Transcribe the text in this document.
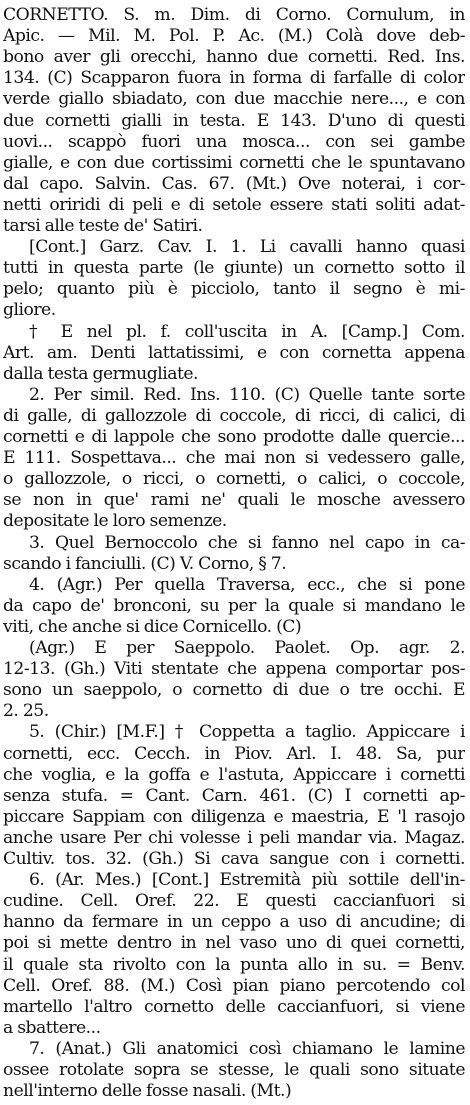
CORNETTO. S. m. Dim. di Corno. Cornulum, in
Apic. — Mil. M. Pol. P. Ac. (M.) Colà dove deb-
bono aver gli orecchi, hanno due cornetti. Red. Ins.
134. (C) Scapparon fuora in forma di farfalle di color
verde giallo sbiadato, con due macchie nere..., e con
due cornetti gialli in testa. E 143. D'uno di questi
uovi... scappò fuori una mosca... con sei gambe
gialle, e con due cortissimi cornetti che le spuntavano
dal capo. Salvin. Cas. 67. (Mt.) Ove noterai, i cor-
netti oriridi di peli e di setole essere stati soliti adat-
tarsi alle teste de' Satiri.
[Cont.] Garz. Cav. I. 1. Li cavalli hanno quasi
tutti in questa parte (le giunte) un cornetto sotto il
pelo; quanto più è picciolo, tanto il segno è mi-
gliore.
† E nel pl. f. coll'uscita in A. [Camp.] Com.
Art. am. Denti lattatissimi, e con cornetta appena
dalla testa germugliate.
2. Per simil. Red. Ins. 110. (C) Quelle tante sorte
di galle, di gallozzole di coccole, di ricci, di calici, di
cornetti e di lappole che sono prodotte dalle quercie...
E 111. Sospettava... che mai non si vedessero galle,
o gallozzole, o ricci, o cornetti, o calici, o coccole,
se non in que' rami ne' quali le mosche avessero
depositate le loro semenze.
3. Quel Bernoccolo che si fanno nel capo in ca-
scando i fanciulli. (C) V. Corno, § 7.
4. (Agr.) Per quella Traversa, ecc., che si pone
da capo de' bronconi, su per la quale si mandano le
viti, che anche si dice Cornicello. (C)
(Agr.) E per Saeppolo. Paolet. Op. agr. 2.
12-13. (Gh.) Viti stentate che appena comportar pos-
sono un saeppolo, o cornetto di due o tre occhi. E
2. 25.
5. (Chir.) [M.F.] † Coppetta a taglio. Appiccare i
cornetti, ecc. Cecch. in Piov. Arl. I. 48. Sa, pur
che voglia, e la goffa e l'astuta, Appiccare i cornetti
senza stufa. = Cant. Carn. 461. (C) I cornetti ap-
piccare Sappiam con diligenza e maestria, E 'l rasojo
anche usare Per chi volesse i peli mandar via. Magaz.
Cultiv. tos. 32. (Gh.) Si cava sangue con i cornetti.
6. (Ar. Mes.) [Cont.] Estremità più sottile dell'in-
cudine. Cell. Oref. 22. E questi caccianfuori si
hanno da fermare in un ceppo a uso di ancudine; di
poi si mette dentro in nel vaso uno di quei cornetti,
il quale sta rivolto con la punta allo in su. = Benv.
Cell. Oref. 88. (M.) Così pian piano percotendo col
martello l'altro cornetto delle caccianfuori, si viene
a sbattere...
7. (Anat.) Gli anatomici così chiamano le lamine
ossee rotolate sopra se stesse, le quali sono situate
nell'interno delle fosse nasali. (Mt.)
